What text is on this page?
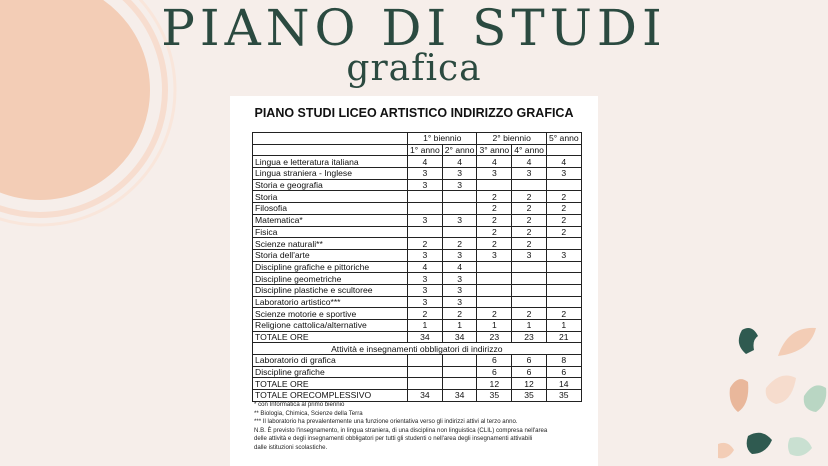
PIANO DI STUDI
grafica
PIANO STUDI LICEO ARTISTICO INDIRIZZO GRAFICA
	1° biennio		2° biennio		5° anno
	1° anno	2° anno	3° anno	4° anno	
Lingua e letteratura italiana	4	4	4	4	4
Lingua straniera - Inglese	3	3	3	3	3
Storia e geografia	3	3			
Storia			2	2	2
Filosofia			2	2	2
Matematica*	3	3	2	2	2
Fisica			2	2	2
Scienze naturali**	2	2	2	2	
Storia dell'arte	3	3	3	3	3
Discipline grafiche e pittoriche	4	4			
Discipline geometriche	3	3			
Discipline plastiche e scultoree	3	3			
Laboratorio artistico***	3	3			
Scienze motorie e sportive	2	2	2	2	2
Religione cattolica/alternative	1	1	1	1	1
TOTALE ORE	34	34	23	23	21
Attività e insegnamenti obbligatori di indirizzo					
Laboratorio di grafica			6	6	8
Discipline grafiche			6	6	6
TOTALE ORE			12	12	14
TOTALE ORECOMPLESSIVO	34	34	35	35	35
* con Informatica al primo biennio
** Biologia, Chimica, Scienze della Terra
*** Il laboratorio ha prevalentemente una funzione orientativa verso gli indirizzi attivi al terzo anno.
N.B. È previsto l'insegnamento, in lingua straniera, di una disciplina non linguistica (CLIL) compresa nell'area
delle attività e degli insegnamenti obbligatori per tutti gli studenti o nell'area degli insegnamenti attivabili
dalle istituzioni scolastiche.
